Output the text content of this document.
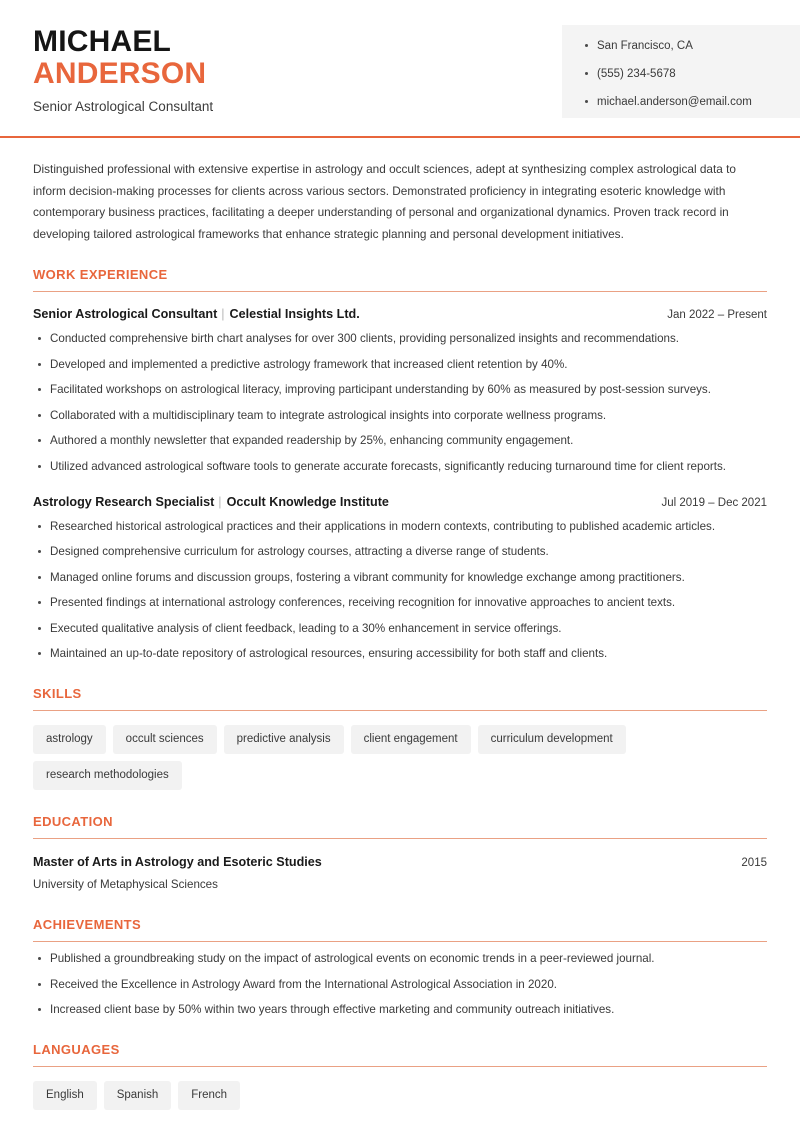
MICHAEL
ANDERSON
Senior Astrological Consultant
San Francisco, CA
(555) 234-5678
michael.anderson@email.com

Distinguished professional with extensive expertise in astrology and occult sciences, adept at synthesizing complex astrological data to inform decision-making processes for clients across various sectors. Demonstrated proficiency in integrating esoteric knowledge with contemporary business practices, facilitating a deeper understanding of personal and organizational dynamics. Proven track record in developing tailored astrological frameworks that enhance strategic planning and personal development initiatives.

WORK EXPERIENCE
Senior Astrological Consultant | Celestial Insights Ltd.	Jan 2022 – Present
Conducted comprehensive birth chart analyses for over 300 clients, providing personalized insights and recommendations.
Developed and implemented a predictive astrology framework that increased client retention by 40%.
Facilitated workshops on astrological literacy, improving participant understanding by 60% as measured by post-session surveys.
Collaborated with a multidisciplinary team to integrate astrological insights into corporate wellness programs.
Authored a monthly newsletter that expanded readership by 25%, enhancing community engagement.
Utilized advanced astrological software tools to generate accurate forecasts, significantly reducing turnaround time for client reports.
Astrology Research Specialist | Occult Knowledge Institute	Jul 2019 – Dec 2021
Researched historical astrological practices and their applications in modern contexts, contributing to published academic articles.
Designed comprehensive curriculum for astrology courses, attracting a diverse range of students.
Managed online forums and discussion groups, fostering a vibrant community for knowledge exchange among practitioners.
Presented findings at international astrology conferences, receiving recognition for innovative approaches to ancient texts.
Executed qualitative analysis of client feedback, leading to a 30% enhancement in service offerings.
Maintained an up-to-date repository of astrological resources, ensuring accessibility for both staff and clients.
SKILLS
astrology	occult sciences	predictive analysis	client engagement	curriculum development
research methodologies
EDUCATION
Master of Arts in Astrology and Esoteric Studies	2015
University of Metaphysical Sciences
ACHIEVEMENTS
Published a groundbreaking study on the impact of astrological events on economic trends in a peer-reviewed journal.
Received the Excellence in Astrology Award from the International Astrological Association in 2020.
Increased client base by 50% within two years through effective marketing and community outreach initiatives.
LANGUAGES
English	Spanish	French
